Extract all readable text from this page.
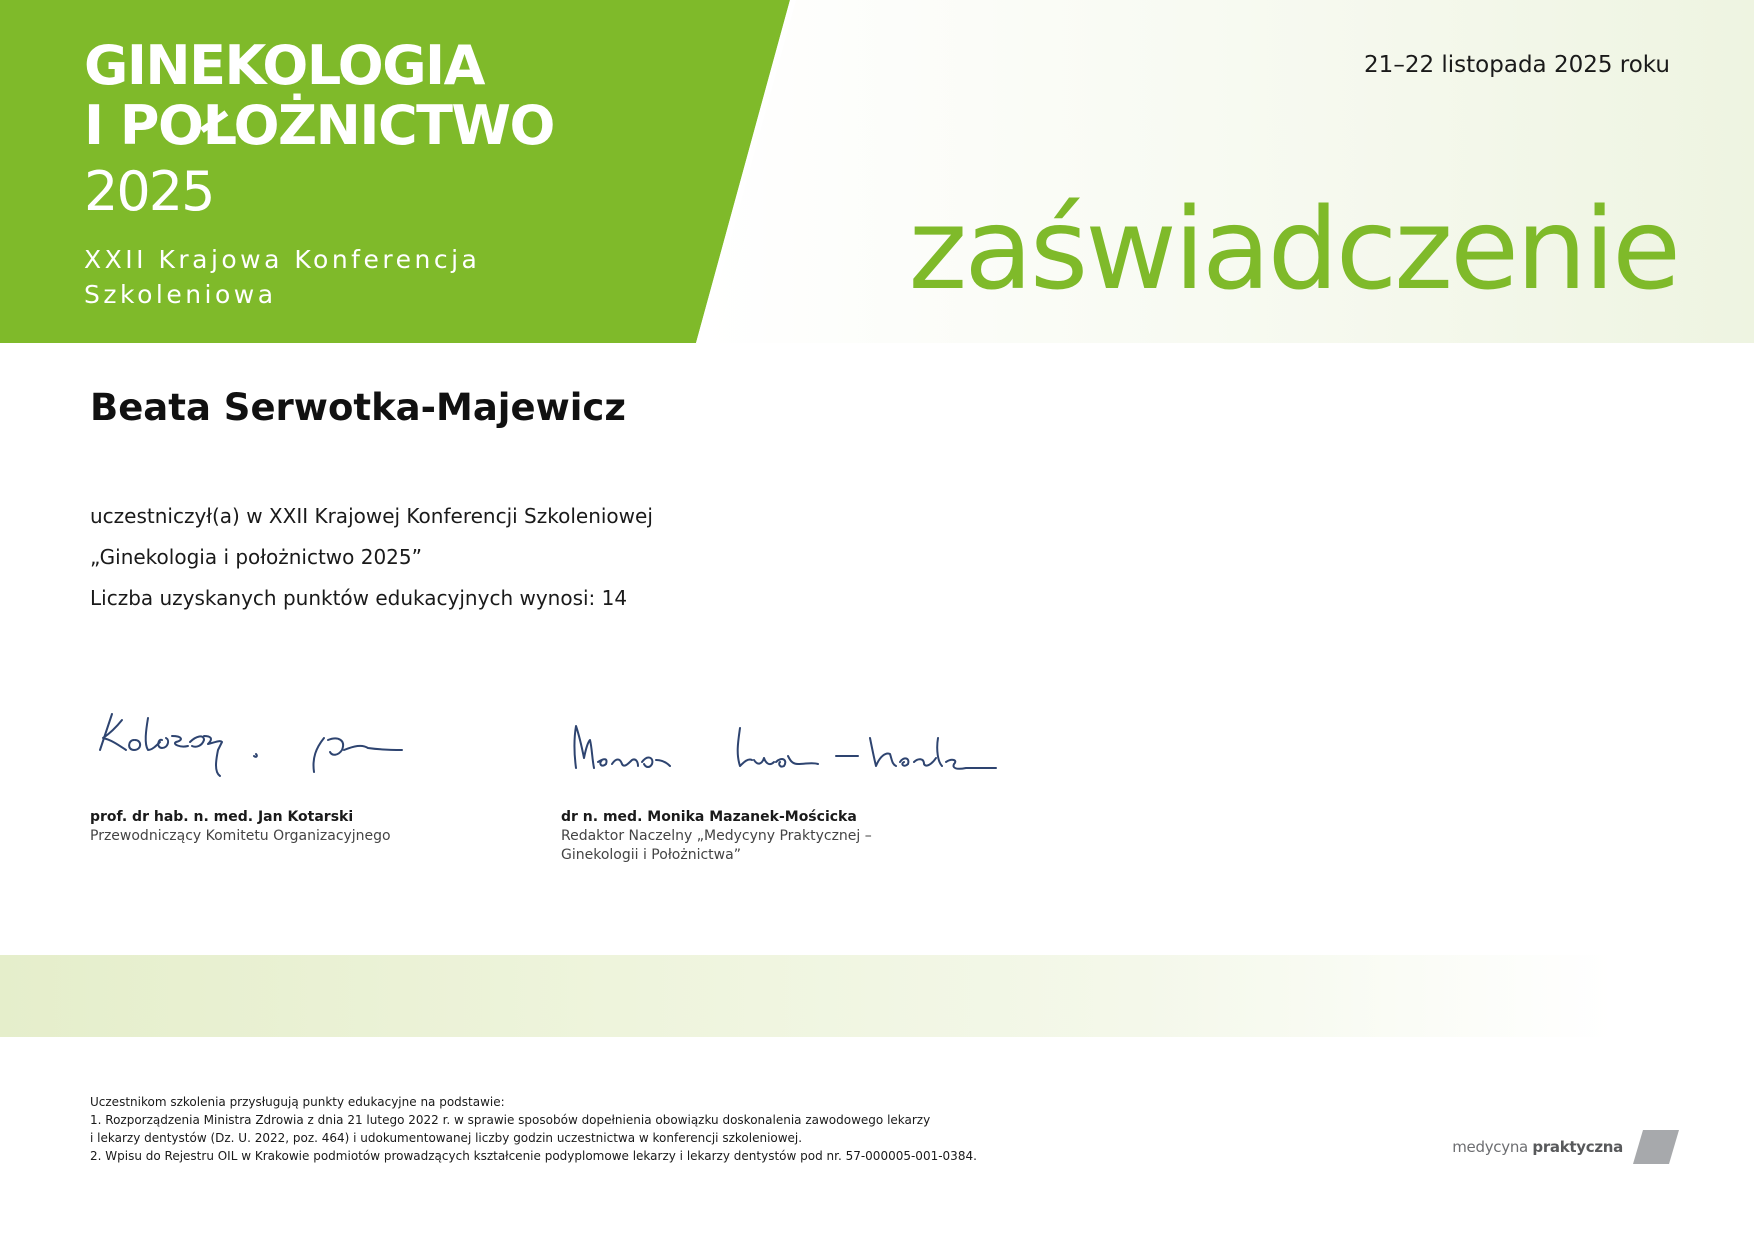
GINEKOLOGIA
I POŁOŻNICTWO
2025
XXII Krajowa Konferencja
Szkoleniowa
21–22 listopada 2025 roku
zaświadczenie
Beata Serwotka-Majewicz
uczestniczył(a) w XXII Krajowej Konferencji Szkoleniowej
„Ginekologia i położnictwo 2025”
Liczba uzyskanych punktów edukacyjnych wynosi: 14
prof. dr hab. n. med. Jan Kotarski
Przewodniczący Komitetu Organizacyjnego
dr n. med. Monika Mazanek-Mościcka
Redaktor Naczelny „Medycyny Praktycznej –
Ginekologii i Położnictwa”
Uczestnikom szkolenia przysługują punkty edukacyjne na podstawie:
1. Rozporządzenia Ministra Zdrowia z dnia 21 lutego 2022 r. w sprawie sposobów dopełnienia obowiązku doskonalenia zawodowego lekarzy
i lekarzy dentystów (Dz. U. 2022, poz. 464) i udokumentowanej liczby godzin uczestnictwa w konferencji szkoleniowej.
2. Wpisu do Rejestru OIL w Krakowie podmiotów prowadzących kształcenie podyplomowe lekarzy i lekarzy dentystów pod nr. 57-000005-001-0384.	medycyna praktyczna
